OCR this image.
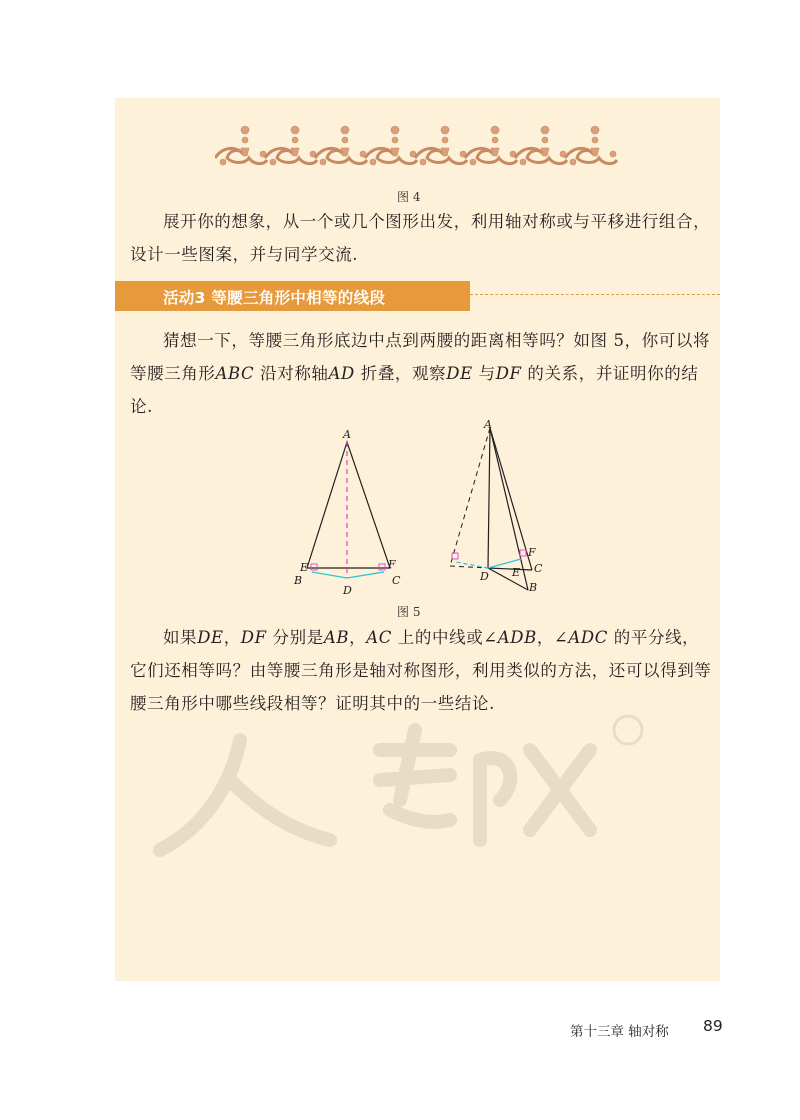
图 4

展开你的想象，从一个或几个图形出发，利用轴对称或与平移进行组合，设计一些图案，并与同学交流.

活动3 等腰三角形中相等的线段

猜想一下，等腰三角形底边中点到两腰的距离相等吗？如图 5，你可以将等腰三角形ABC 沿对称轴AD 折叠，观察DE 与DF 的关系，并证明你的结论.

A
B	C
D
E	F
A
B
C
D E
F
图 5

如果DE，DF 分别是AB，AC 上的中线或∠ADB，∠ADC 的平分线，它们还相等吗？由等腰三角形是轴对称图形，利用类似的方法，还可以得到等腰三角形中哪些线段相等？证明其中的一些结论.

第十三章 轴对称 89
